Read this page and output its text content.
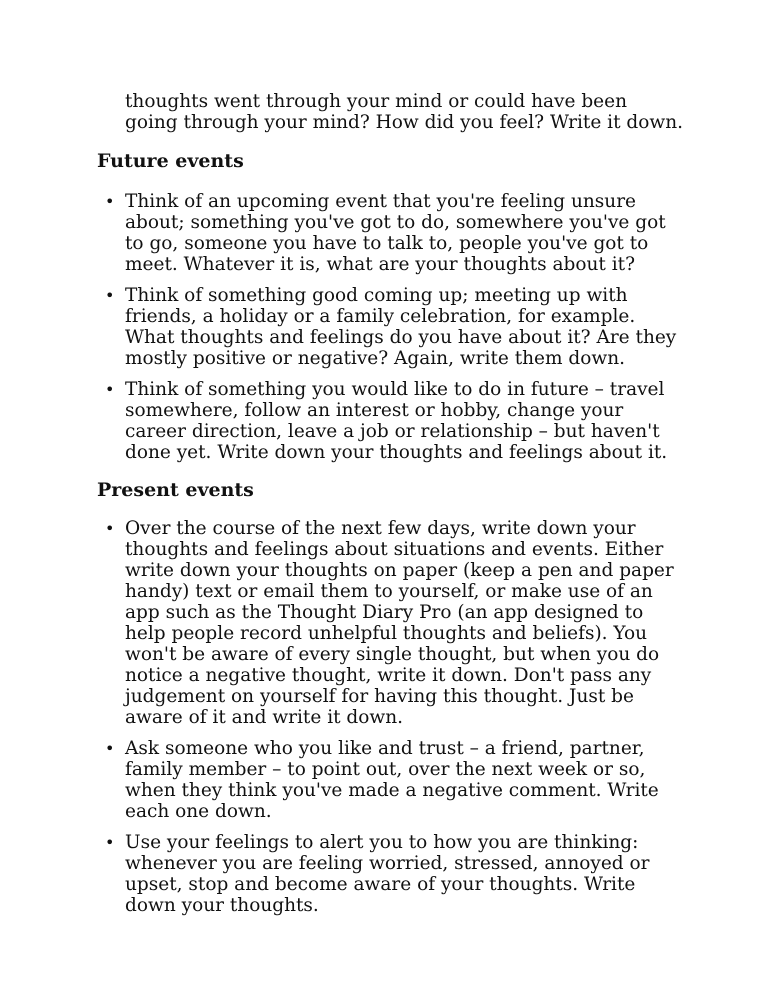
thoughts went through your mind or could have been going through your mind? How did you feel? Write it down.

Future events
• Think of an upcoming event that you're feeling unsure about; something you've got to do, somewhere you've got to go, someone you have to talk to, people you've got to meet. Whatever it is, what are your thoughts about it?
• Think of something good coming up; meeting up with friends, a holiday or a family celebration, for example. What thoughts and feelings do you have about it? Are they mostly positive or negative? Again, write them down.
• Think of something you would like to do in future – travel somewhere, follow an interest or hobby, change your career direction, leave a job or relationship – but haven't done yet. Write down your thoughts and feelings about it.
Present events
• Over the course of the next few days, write down your thoughts and feelings about situations and events. Either write down your thoughts on paper (keep a pen and paper handy) text or email them to yourself, or make use of an app such as the Thought Diary Pro (an app designed to help people record unhelpful thoughts and beliefs). You won't be aware of every single thought, but when you do notice a negative thought, write it down. Don't pass any judgement on yourself for having this thought. Just be aware of it and write it down.
• Ask someone who you like and trust – a friend, partner, family member – to point out, over the next week or so, when they think you've made a negative comment. Write each one down.
• Use your feelings to alert you to how you are thinking: whenever you are feeling worried, stressed, annoyed or upset, stop and become aware of your thoughts. Write down your thoughts.
